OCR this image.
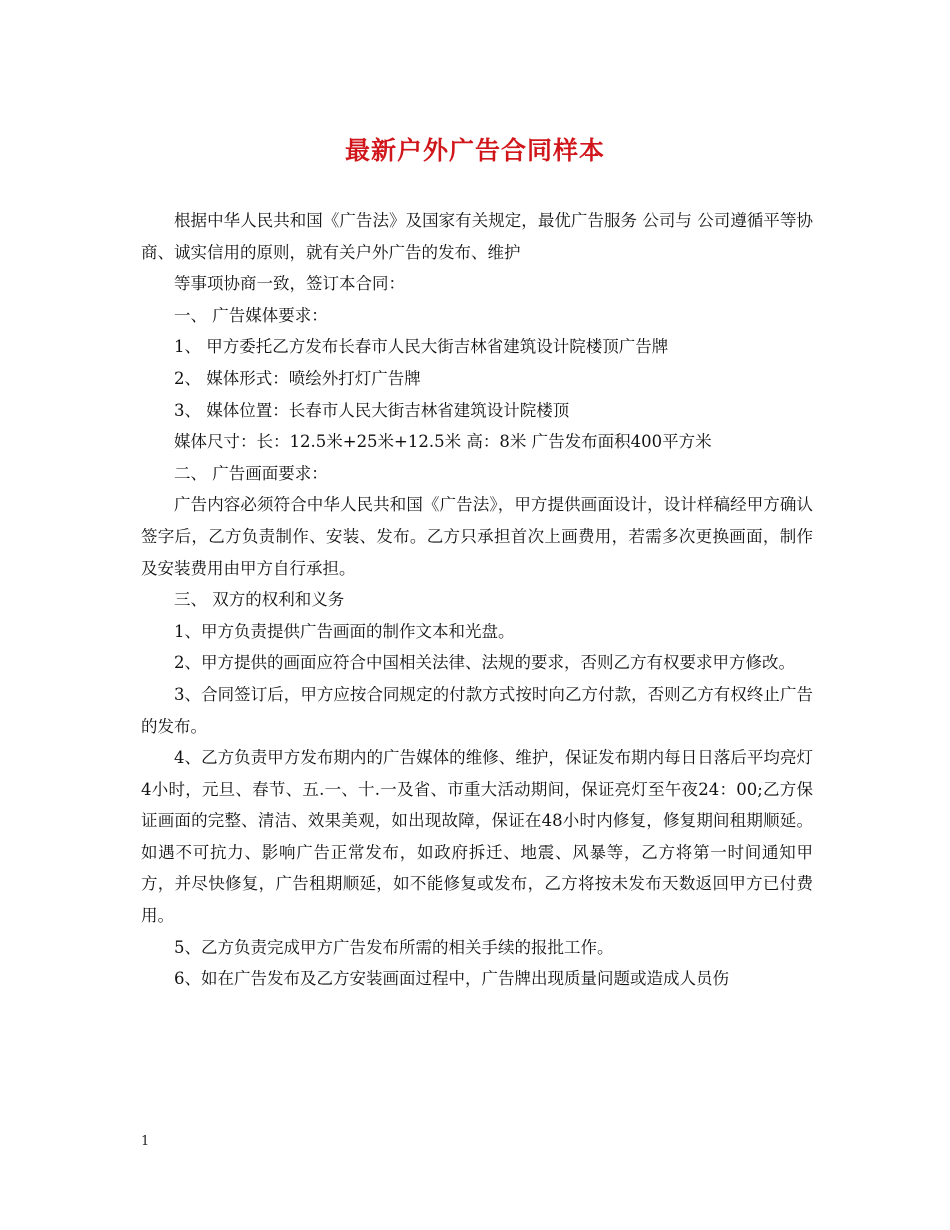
最新户外广告合同样本

根据中华人民共和国《广告法》及国家有关规定，最优广告服务 公司与 公司遵循平等协商、诚实信用的原则，就有关户外广告的发布、维护

等事项协商一致，签订本合同：

一、 广告媒体要求：

1、 甲方委托乙方发布长春市人民大街吉林省建筑设计院楼顶广告牌

2、 媒体形式：喷绘外打灯广告牌

3、 媒体位置：长春市人民大街吉林省建筑设计院楼顶

媒体尺寸：长：12.5米+25米+12.5米 高：8米 广告发布面积400平方米

二、 广告画面要求：

广告内容必须符合中华人民共和国《广告法》，甲方提供画面设计，设计样稿经甲方确认签字后，乙方负责制作、安装、发布。乙方只承担首次上画费用，若需多次更换画面，制作及安装费用由甲方自行承担。

三、 双方的权利和义务

1、甲方负责提供广告画面的制作文本和光盘。

2、甲方提供的画面应符合中国相关法律、法规的要求，否则乙方有权要求甲方修改。

3、合同签订后，甲方应按合同规定的付款方式按时向乙方付款，否则乙方有权终止广告的发布。

4、乙方负责甲方发布期内的广告媒体的维修、维护，保证发布期内每日日落后平均亮灯4小时，元旦、春节、五.一、十.一及省、市重大活动期间，保证亮灯至午夜24：00;乙方保证画面的完整、清洁、效果美观，如出现故障，保证在48小时内修复，修复期间租期顺延。如遇不可抗力、影响广告正常发布，如政府拆迁、地震、风暴等，乙方将第一时间通知甲方，并尽快修复，广告租期顺延，如不能修复或发布，乙方将按未发布天数返回甲方已付费用。

5、乙方负责完成甲方广告发布所需的相关手续的报批工作。

6、如在广告发布及乙方安装画面过程中，广告牌出现质量问题或造成人员伤

1
